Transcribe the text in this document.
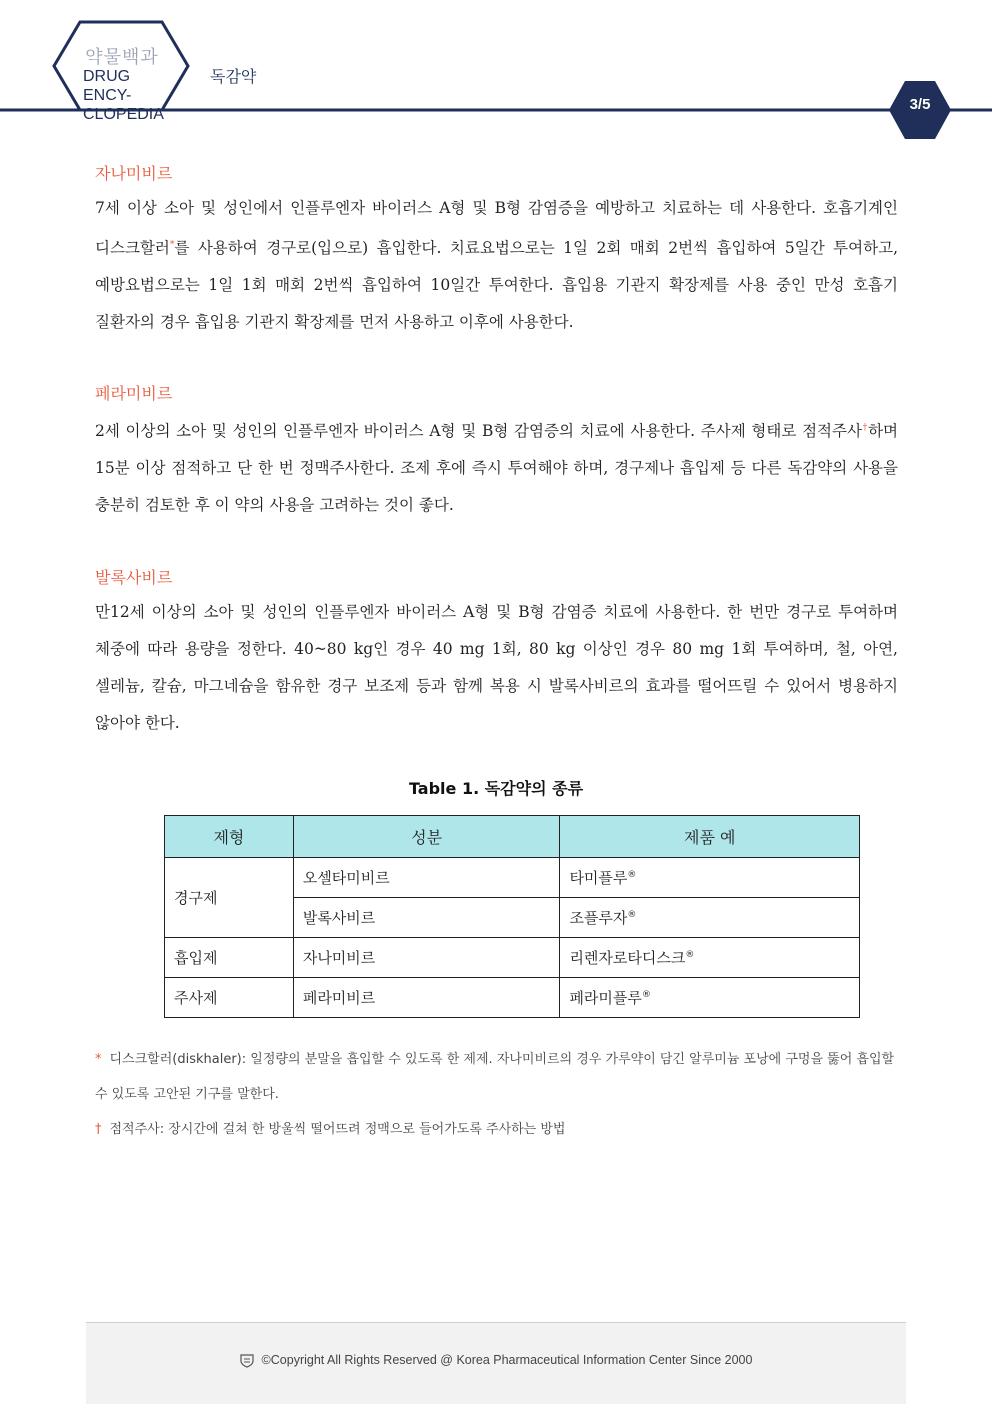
약물백과
DRUG ENCY-
CLOPEDIA
독감약
3/5
자나미비르

7세 이상 소아 및 성인에서 인플루엔자 바이러스 A형 및 B형 감염증을 예방하고 치료하는 데 사용한다. 호흡기계인 디스크할러*를 사용하여 경구로(입으로) 흡입한다. 치료요법으로는 1일 2회 매회 2번씩 흡입하여 5일간 투여하고, 예방요법으로는 1일 1회 매회 2번씩 흡입하여 10일간 투여한다. 흡입용 기관지 확장제를 사용 중인 만성 호흡기 질환자의 경우 흡입용 기관지 확장제를 먼저 사용하고 이후에 사용한다.

페라미비르

2세 이상의 소아 및 성인의 인플루엔자 바이러스 A형 및 B형 감염증의 치료에 사용한다. 주사제 형태로 점적주사†하며 15분 이상 점적하고 단 한 번 정맥주사한다. 조제 후에 즉시 투여해야 하며, 경구제나 흡입제 등 다른 독감약의 사용을 충분히 검토한 후 이 약의 사용을 고려하는 것이 좋다.

발록사비르

만12세 이상의 소아 및 성인의 인플루엔자 바이러스 A형 및 B형 감염증 치료에 사용한다. 한 번만 경구로 투여하며 체중에 따라 용량을 정한다. 40~80 kg인 경우 40 mg 1회, 80 kg 이상인 경우 80 mg 1회 투여하며, 철, 아연, 셀레늄, 칼슘, 마그네슘을 함유한 경구 보조제 등과 함께 복용 시 발록사비르의 효과를 떨어뜨릴 수 있어서 병용하지 않아야 한다.

Table 1. 독감약의 종류
제형	성분	제품 예
경구제	오셀타미비르	타미플루®
	발록사비르	조플루자®
흡입제	자나미비르	리렌자로타디스크®
주사제	페라미비르	페라미플루®
* 디스크할러(diskhaler): 일정량의 분말을 흡입할 수 있도록 한 제제. 자나미비르의 경우 가루약이 담긴 알루미늄 포낭에 구멍을 뚫어 흡입할 수 있도록 고안된 기구를 말한다.
† 점적주사: 장시간에 걸쳐 한 방울씩 떨어뜨려 정맥으로 들어가도록 주사하는 방법
©Copyright All Rights Reserved @ Korea Pharmaceutical Information Center Since 2000
